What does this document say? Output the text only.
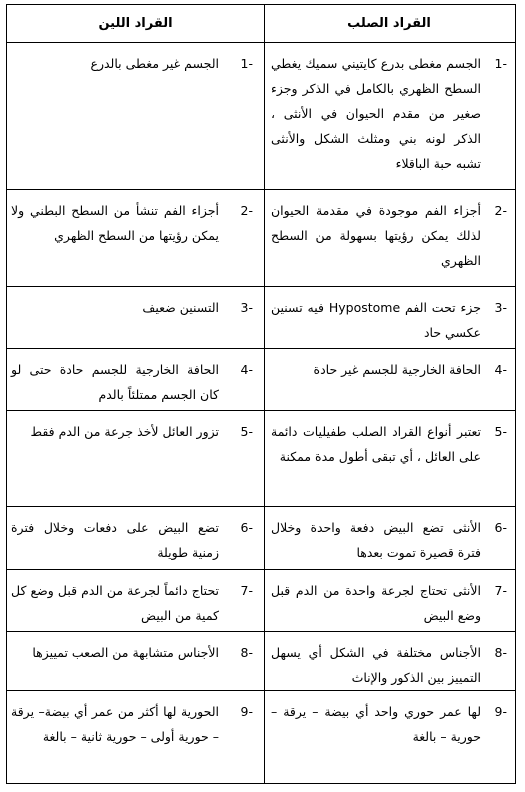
القراد الصلب
القراد اللين
1-
الجسم مغطى بدرع كايتيني سميك يغطي السطح الظهري بالكامل في الذكر وجزء صغير من مقدم الحيوان في الأنثى ، الذكر لونه بني ومثلث الشكل والأنثى تشبه حبة الباقلاء
1-
الجسم غير مغطى بالدرع
2-
أجزاء الفم موجودة في مقدمة الحيوان لذلك يمكن رؤيتها بسهولة من السطح الظهري
2-
أجزاء الفم تنشأ من السطح البطني ولا يمكن رؤيتها من السطح الظهري
3-
جزء تحت الفم Hypostome فيه تسنين عكسي حاد
3-
التسنين ضعيف
4-
الحافة الخارجية للجسم غير حادة
4-
الحافة الخارجية للجسم حادة حتى لو كان الجسم ممتلئاً بالدم
5-
تعتبر أنواع القراد الصلب طفيليات دائمة على العائل ، أي تبقى أطول مدة ممكنة
5-
تزور العائل لأخذ جرعة من الدم فقط
6-
الأنثى تضع البيض دفعة واحدة وخلال فترة قصيرة تموت بعدها
6-
تضع البيض على دفعات وخلال فترة زمنية طويلة
7-
الأنثى تحتاج لجرعة واحدة من الدم قبل وضع البيض
7-
تحتاج دائماً لجرعة من الدم قبل وضع كل كمية من البيض
8-
الأجناس مختلفة في الشكل أي يسهل التمييز بين الذكور والإناث
8-
الأجناس متشابهة من الصعب تمييزها
9-
لها عمر حوري واحد أي بيضة – يرقة – حورية – بالغة
9-
الحورية لها أكثر من عمر أي بيضة– يرقة – حورية أولى – حورية ثانية – بالغة
